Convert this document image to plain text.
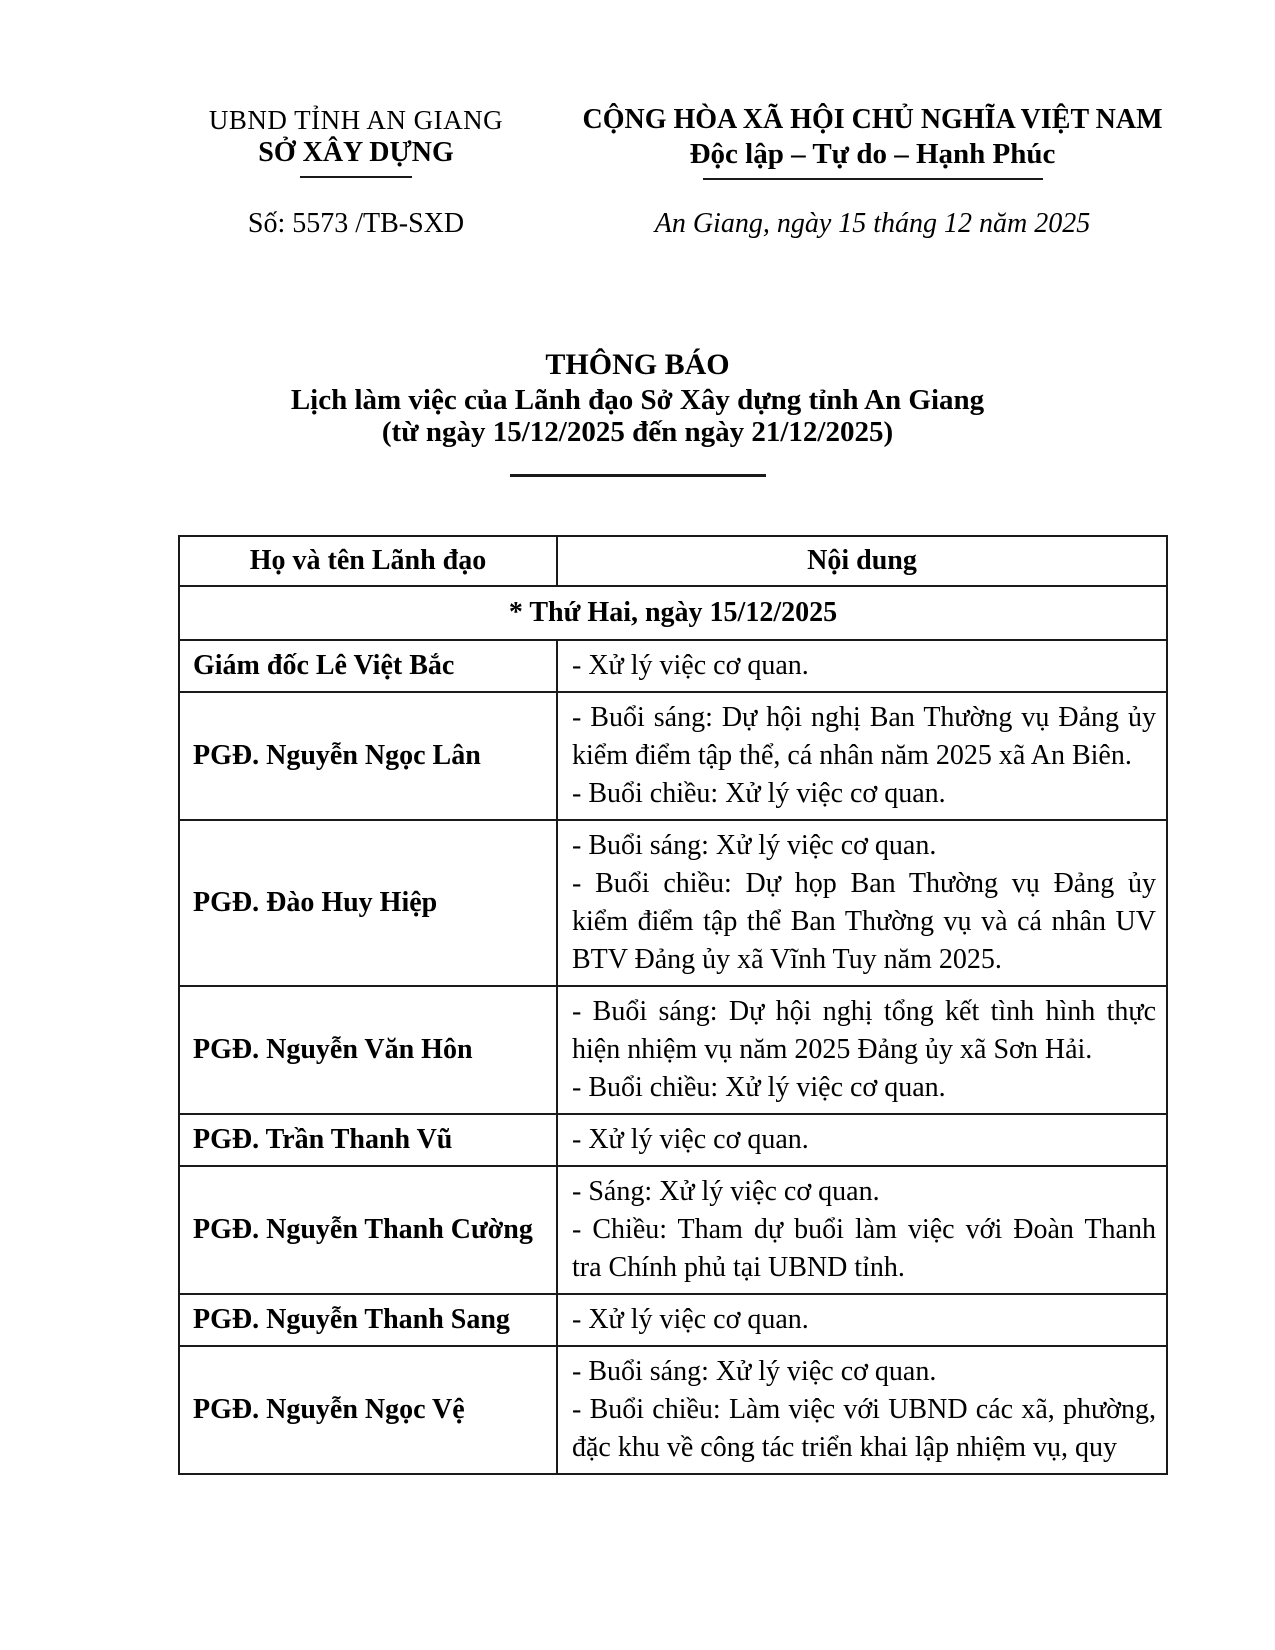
UBND TỈNH AN GIANG
SỞ XÂY DỰNG
Số: 5573 /TB-SXD
CỘNG HÒA XÃ HỘI CHỦ NGHĨA VIỆT NAM
Độc lập – Tự do – Hạnh Phúc
An Giang, ngày 15 tháng 12 năm 2025
THÔNG BÁO
Lịch làm việc của Lãnh đạo Sở Xây dựng tỉnh An Giang
(từ ngày 15/12/2025 đến ngày 21/12/2025)
Họ và tên Lãnh đạo	Nội dung
* Thứ Hai, ngày 15/12/2025	
Giám đốc Lê Việt Bắc	- Xử lý việc cơ quan.

PGĐ. Nguyễn Ngọc Lân	- Buổi sáng: Dự hội nghị Ban Thường vụ Đảng ủy kiểm điểm tập thể, cá nhân năm 2025 xã An Biên.
- Buổi chiều: Xử lý việc cơ quan.

PGĐ. Đào Huy Hiệp	- Buổi sáng: Xử lý việc cơ quan.
- Buổi chiều: Dự họp Ban Thường vụ Đảng ủy kiểm điểm tập thể Ban Thường vụ và cá nhân UV BTV Đảng ủy xã Vĩnh Tuy năm 2025.

PGĐ. Nguyễn Văn Hôn	- Buổi sáng: Dự hội nghị tổng kết tình hình thực hiện nhiệm vụ năm 2025 Đảng ủy xã Sơn Hải.
- Buổi chiều: Xử lý việc cơ quan.

PGĐ. Trần Thanh Vũ	- Xử lý việc cơ quan.

PGĐ. Nguyễn Thanh Cường	- Sáng: Xử lý việc cơ quan.
- Chiều: Tham dự buổi làm việc với Đoàn Thanh tra Chính phủ tại UBND tỉnh.

PGĐ. Nguyễn Thanh Sang	- Xử lý việc cơ quan.

PGĐ. Nguyễn Ngọc Vệ	- Buổi sáng: Xử lý việc cơ quan.
- Buổi chiều: Làm việc với UBND các xã, phường, đặc khu về công tác triển khai lập nhiệm vụ, quy
